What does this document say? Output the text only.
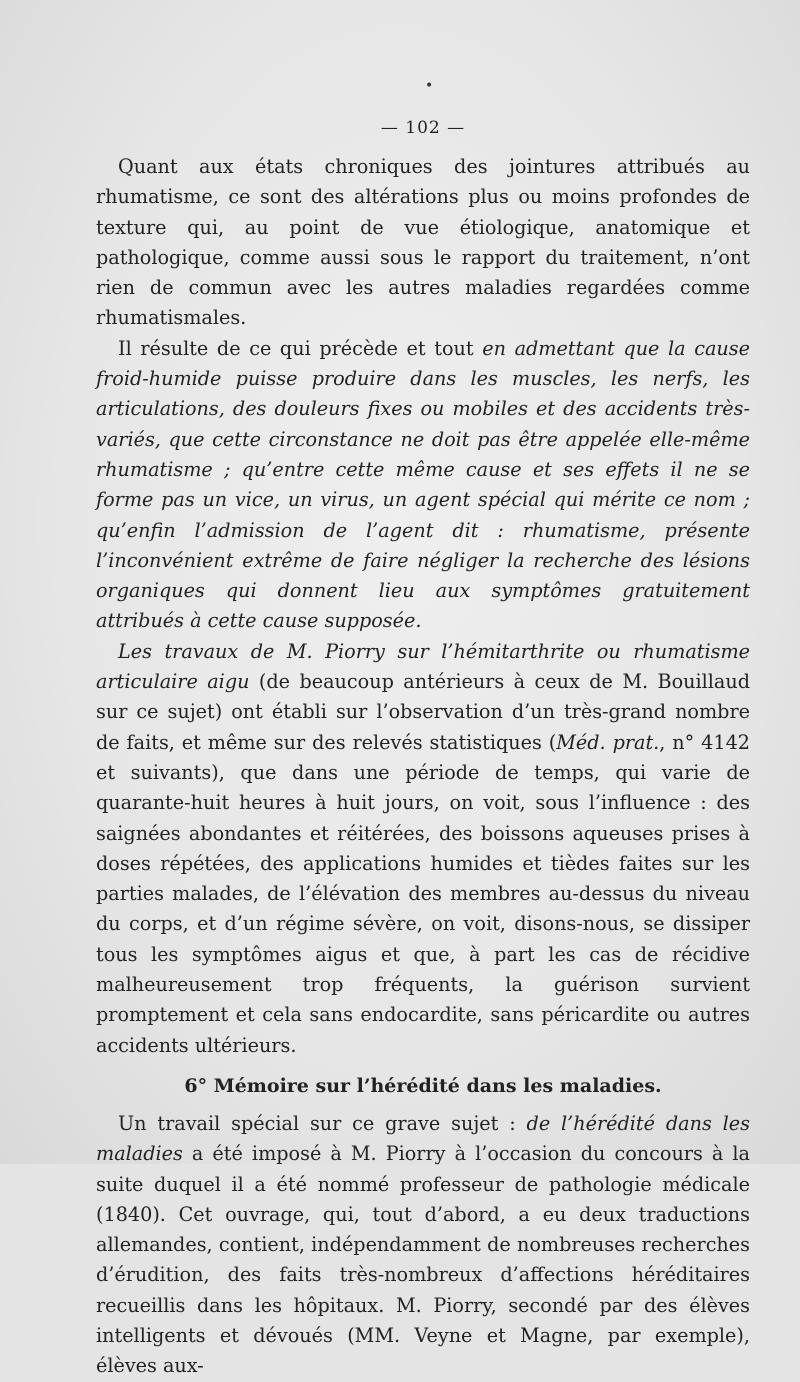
•
— 102 —

Quant aux états chroniques des jointures attribués au rhumatisme, ce sont des altérations plus ou moins profondes de texture qui, au point de vue étiologique, anatomique et pathologique, comme aussi sous le rapport du traitement, n’ont rien de commun avec les autres maladies regardées comme rhumatismales.

Il résulte de ce qui précède et tout en admettant que la cause froid-humide puisse produire dans les muscles, les nerfs, les articulations, des douleurs fixes ou mobiles et des accidents très-variés, que cette circonstance ne doit pas être appelée elle-même rhumatisme ; qu’entre cette même cause et ses effets il ne se forme pas un vice, un virus, un agent spécial qui mérite ce nom ; qu’enfin l’admission de l’agent dit : rhumatisme, présente l’inconvénient extrême de faire négliger la recherche des lésions organiques qui donnent lieu aux symptômes gratuitement attribués à cette cause supposée.

Les travaux de M. Piorry sur l’hémitarthrite ou rhumatisme articulaire aigu (de beaucoup antérieurs à ceux de M. Bouillaud sur ce sujet) ont établi sur l’observation d’un très-grand nombre de faits, et même sur des relevés statistiques (Méd. prat., n° 4142 et suivants), que dans une période de temps, qui varie de quarante-huit heures à huit jours, on voit, sous l’influence : des saignées abondantes et réitérées, des boissons aqueuses prises à doses répétées, des applications humides et tièdes faites sur les parties malades, de l’élévation des membres au-dessus du niveau du corps, et d’un régime sévère, on voit, disons-nous, se dissiper tous les symptômes aigus et que, à part les cas de récidive malheureusement trop fréquents, la guérison survient promptement et cela sans endocardite, sans péricardite ou autres accidents ultérieurs.

6° Mémoire sur l’hérédité dans les maladies.

Un travail spécial sur ce grave sujet : de l’hérédité dans les maladies a été imposé à M. Piorry à l’occasion du concours à la suite duquel il a été nommé professeur de pathologie médicale (1840). Cet ouvrage, qui, tout d’abord, a eu deux traductions allemandes, contient, indépendamment de nombreuses recherches d’érudition, des faits très-nombreux d’affections héréditaires recueillis dans les hôpitaux. M. Piorry, secondé par des élèves intelligents et dévoués (MM. Veyne et Magne, par exemple), élèves aux-
